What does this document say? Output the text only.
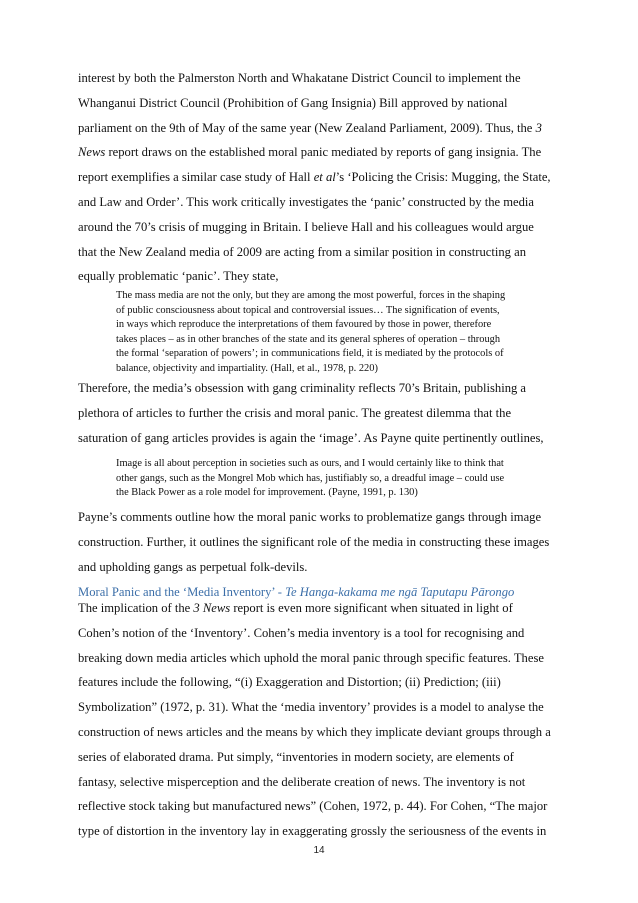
interest by both the Palmerston North and Whakatane District Council to implement the
Whanganui District Council (Prohibition of Gang Insignia) Bill approved by national
parliament on the 9th of May of the same year (New Zealand Parliament, 2009). Thus, the 3
News report draws on the established moral panic mediated by reports of gang insignia. The
report exemplifies a similar case study of Hall et al’s ‘Policing the Crisis: Mugging, the State,
and Law and Order’. This work critically investigates the ‘panic’ constructed by the media
around the 70’s crisis of mugging in Britain. I believe Hall and his colleagues would argue
that the New Zealand media of 2009 are acting from a similar position in constructing an
equally problematic ‘panic’. They state,

The mass media are not the only, but they are among the most powerful, forces in the shaping
of public consciousness about topical and controversial issues… The signification of events,
in ways which reproduce the interpretations of them favoured by those in power, therefore
takes places – as in other branches of the state and its general spheres of operation – through
the formal ‘separation of powers’; in communications field, it is mediated by the protocols of
balance, objectivity and impartiality. (Hall, et al., 1978, p. 220)

Therefore, the media’s obsession with gang criminality reflects 70’s Britain, publishing a
plethora of articles to further the crisis and moral panic. The greatest dilemma that the
saturation of gang articles provides is again the ‘image’. As Payne quite pertinently outlines,

Image is all about perception in societies such as ours, and I would certainly like to think that
other gangs, such as the Mongrel Mob which has, justifiably so, a dreadful image – could use
the Black Power as a role model for improvement. (Payne, 1991, p. 130)

Payne’s comments outline how the moral panic works to problematize gangs through image
construction. Further, it outlines the significant role of the media in constructing these images
and upholding gangs as perpetual folk-devils.

Moral Panic and the ‘Media Inventory’ - Te Hanga-kakama me ngā Taputapu Pārongo

The implication of the 3 News report is even more significant when situated in light of
Cohen’s notion of the ‘Inventory’. Cohen’s media inventory is a tool for recognising and
breaking down media articles which uphold the moral panic through specific features. These
features include the following, “(i) Exaggeration and Distortion; (ii) Prediction; (iii)
Symbolization” (1972, p. 31). What the ‘media inventory’ provides is a model to analyse the
construction of news articles and the means by which they implicate deviant groups through a
series of elaborated drama. Put simply, “inventories in modern society, are elements of
fantasy, selective misperception and the deliberate creation of news. The inventory is not
reflective stock taking but manufactured news” (Cohen, 1972, p. 44). For Cohen, “The major
type of distortion in the inventory lay in exaggerating grossly the seriousness of the events in

14
